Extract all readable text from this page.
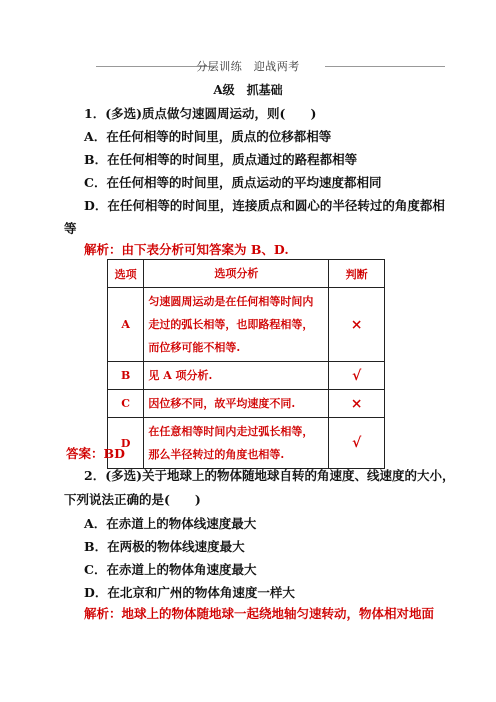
分层训练　迎战两考
A级　抓基础
1．(多选)质点做匀速圆周运动，则(　　)
A．在任何相等的时间里，质点的位移都相等
B．在任何相等的时间里，质点通过的路程都相等
C．在任何相等的时间里，质点运动的平均速度都相同
D．在任何相等的时间里，连接质点和圆心的半径转过的角度都相
等
解析：由下表分析可知答案为 B、D.
选项	选项分析	判断
A	匀速圆周运动是在任何相等时间内
走过的弧长相等，也即路程相等，
而位移可能不相等.	×
B	见 A 项分析.	√
C	因位移不同，故平均速度不同.	×
D	在任意相等时间内走过弧长相等，
那么半径转过的角度也相等.	√
答案：BD
2．(多选)关于地球上的物体随地球自转的角速度、线速度的大小，
下列说法正确的是(　　)
A．在赤道上的物体线速度最大
B．在两极的物体线速度最大
C．在赤道上的物体角速度最大
D．在北京和广州的物体角速度一样大
解析：地球上的物体随地球一起绕地轴匀速转动，物体相对地面
